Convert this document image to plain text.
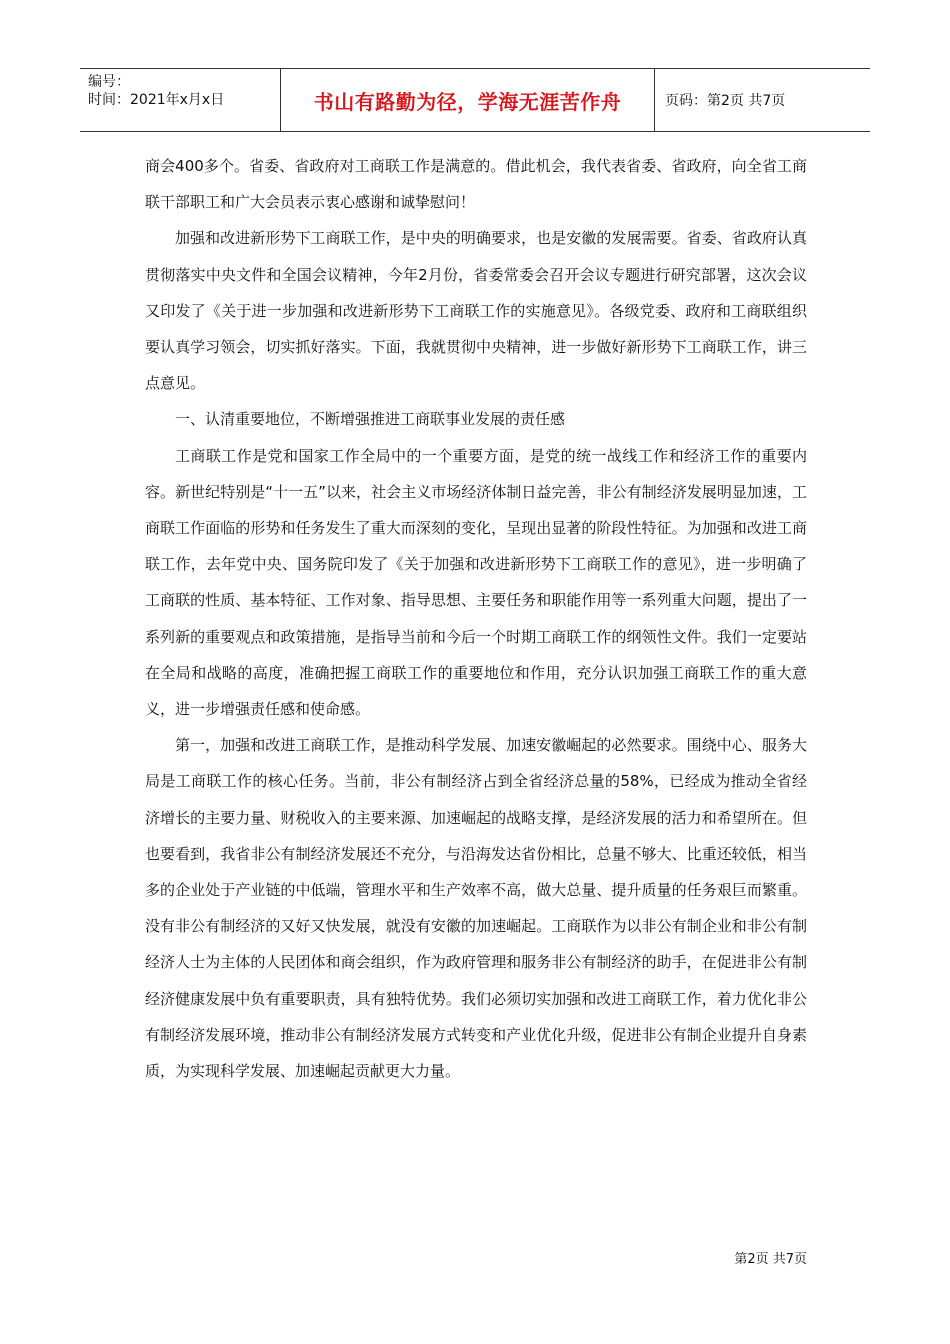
编号：
时间：2021年x月x日	书山有路勤为径，学海无涯苦作舟	页码：第2页 共7页

商会400多个。省委、省政府对工商联工作是满意的。借此机会，我代表省委、省政府，向全省工商联干部职工和广大会员表示衷心感谢和诚挚慰问！

加强和改进新形势下工商联工作，是中央的明确要求，也是安徽的发展需要。省委、省政府认真贯彻落实中央文件和全国会议精神，今年2月份，省委常委会召开会议专题进行研究部署，这次会议又印发了《关于进一步加强和改进新形势下工商联工作的实施意见》。各级党委、政府和工商联组织要认真学习领会，切实抓好落实。下面，我就贯彻中央精神，进一步做好新形势下工商联工作，讲三点意见。

一、认清重要地位，不断增强推进工商联事业发展的责任感

工商联工作是党和国家工作全局中的一个重要方面，是党的统一战线工作和经济工作的重要内容。新世纪特别是“十一五”以来，社会主义市场经济体制日益完善，非公有制经济发展明显加速，工商联工作面临的形势和任务发生了重大而深刻的变化，呈现出显著的阶段性特征。为加强和改进工商联工作，去年党中央、国务院印发了《关于加强和改进新形势下工商联工作的意见》，进一步明确了工商联的性质、基本特征、工作对象、指导思想、主要任务和职能作用等一系列重大问题，提出了一系列新的重要观点和政策措施，是指导当前和今后一个时期工商联工作的纲领性文件。我们一定要站在全局和战略的高度，准确把握工商联工作的重要地位和作用，充分认识加强工商联工作的重大意义，进一步增强责任感和使命感。

第一，加强和改进工商联工作，是推动科学发展、加速安徽崛起的必然要求。围绕中心、服务大局是工商联工作的核心任务。当前，非公有制经济占到全省经济总量的58%，已经成为推动全省经济增长的主要力量、财税收入的主要来源、加速崛起的战略支撑，是经济发展的活力和希望所在。但也要看到，我省非公有制经济发展还不充分，与沿海发达省份相比，总量不够大、比重还较低，相当多的企业处于产业链的中低端，管理水平和生产效率不高，做大总量、提升质量的任务艰巨而繁重。没有非公有制经济的又好又快发展，就没有安徽的加速崛起。工商联作为以非公有制企业和非公有制经济人士为主体的人民团体和商会组织，作为政府管理和服务非公有制经济的助手，在促进非公有制经济健康发展中负有重要职责，具有独特优势。我们必须切实加强和改进工商联工作，着力优化非公有制经济发展环境，推动非公有制经济发展方式转变和产业优化升级，促进非公有制企业提升自身素质，为实现科学发展、加速崛起贡献更大力量。

第2页 共7页
